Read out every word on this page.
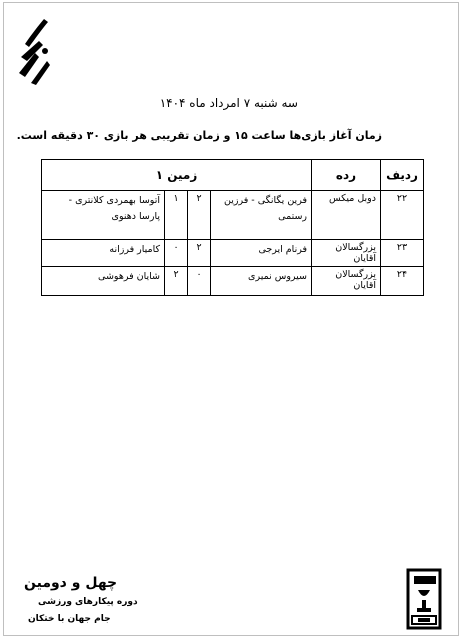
سه شنبه ۷ امرداد ماه ۱۴۰۴
زمان آغاز بازی‌ها ساعت ۱۵ و زمان تقریبی هر بازی ۳۰ دقیقه است.
ردیف	رده	زمین ۱			
۲۲	دوبل میکس	فرین یگانگی - فرزین رستمی	۲	۱	آتوسا بهمردی کلانتری - پارسا دهنوی
۲۳	بزرگسالان آقایان	فرنام ایرجی	۲	۰	کامیار فرزانه
۲۴	بزرگسالان آقایان	سیروس نمیری	۰	۲	شایان فرهوشی
چهل و دومین
دوره پیکارهای ورزشی
جام جهان با ختکان
